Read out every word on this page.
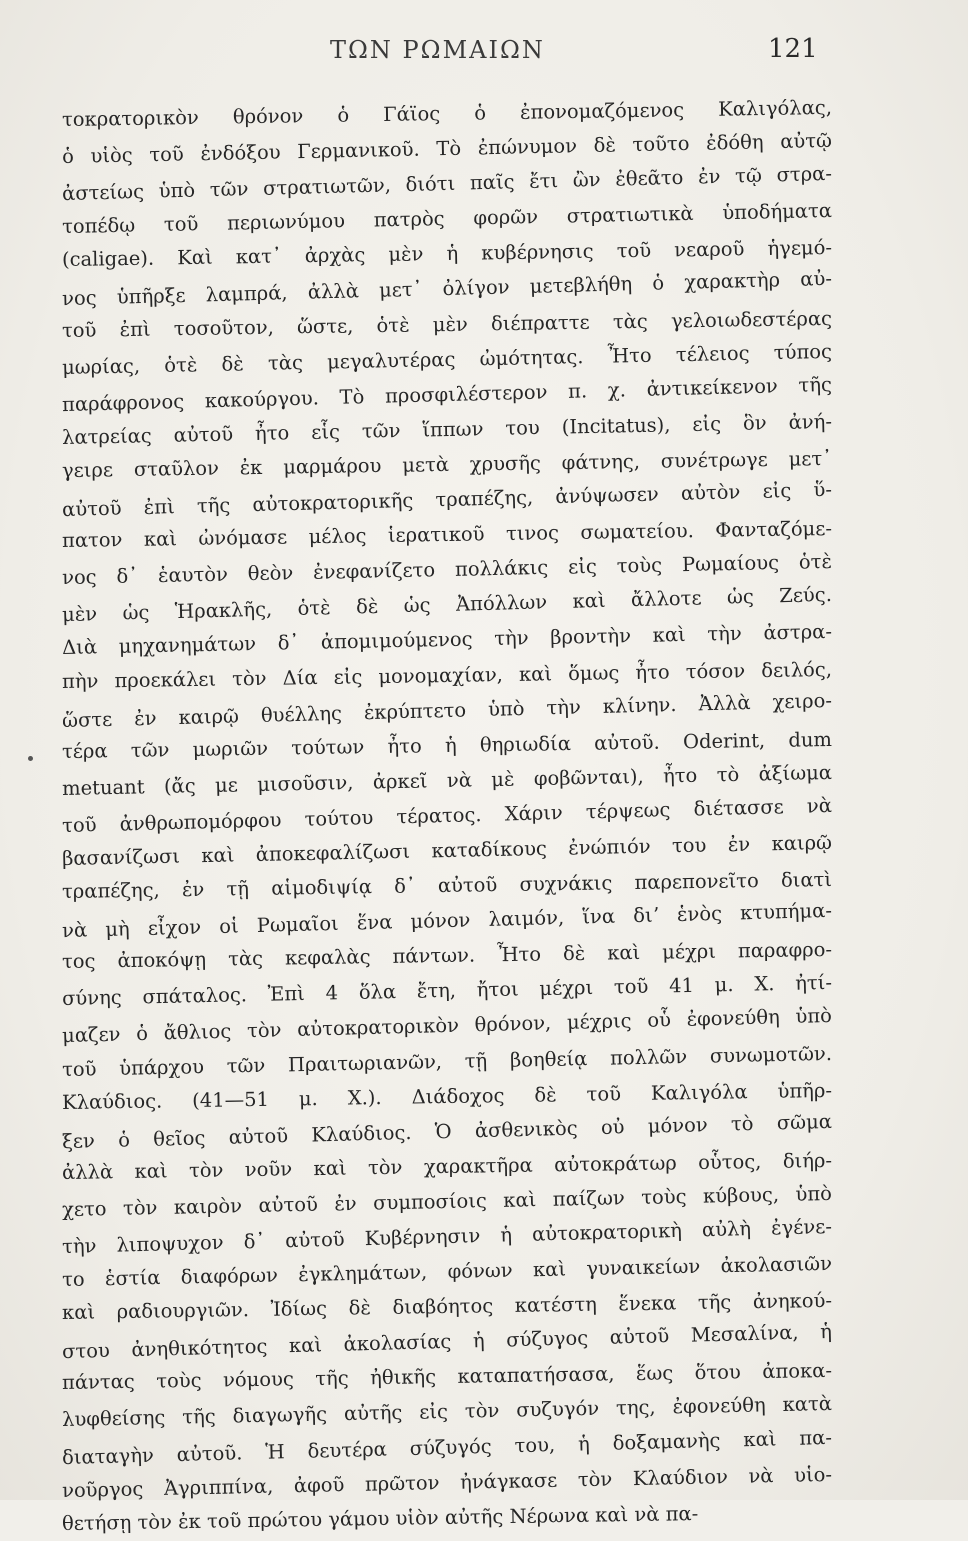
ΤΩΝ ΡΩΜΑΙΩΝ	121
τοκρατορικὸν θρόνον ὁ Γάϊος ὁ ἐπονομαζόμενος Καλιγόλας,
ὁ υἱὸς τοῦ ἐνδόξου Γερμανικοῦ. Τὸ ἐπώνυμον δὲ τοῦτο ἐδόθη αὐτῷ
ἀστείως ὑπὸ τῶν στρατιωτῶν, διότι παῖς ἔτι ὢν ἐθεᾶτο ἐν τῷ στρα-
τοπέδῳ τοῦ περιωνύμου πατρὸς φορῶν στρατιωτικὰ ὑποδήματα
(caligae). Καὶ κατ᾿ ἀρχὰς μὲν ἡ κυβέρνησις τοῦ νεαροῦ ἡγεμό-
νος ὑπῆρξε λαμπρά, ἀλλὰ μετ᾿ ὀλίγον μετεβλήθη ὁ χαρακτὴρ αὐ-
τοῦ ἐπὶ τοσοῦτον, ὥστε, ὁτὲ μὲν διέπραττε τὰς γελοιωδεστέρας
μωρίας, ὁτὲ δὲ τὰς μεγαλυτέρας ὠμότητας. Ἦτο τέλειος τύπος
παράφρονος κακούργου. Τὸ προσφιλέστερον π. χ. ἀντικείκενον τῆς
λατρείας αὐτοῦ ἦτο εἷς τῶν ἵππων του (Incitatus), εἰς ὃν ἀνή-
γειρε σταῦλον ἐκ μαρμάρου μετὰ χρυσῆς φάτνης, συνέτρωγε μετ᾿
αὐτοῦ ἐπὶ τῆς αὐτοκρατορικῆς τραπέζης, ἀνύψωσεν αὐτὸν εἰς ὕ-
πατον καὶ ὠνόμασε μέλος ἱερατικοῦ τινος σωματείου. Φανταζόμε-
νος δ᾿ ἑαυτὸν θεὸν ἐνεφανίζετο πολλάκις εἰς τοὺς Ρωμαίους ὁτὲ
μὲν ὡς Ἡρακλῆς, ὁτὲ δὲ ὡς Ἀπόλλων καὶ ἄλλοτε ὡς Ζεύς.
Διὰ μηχανημάτων δ᾿ ἀπομιμούμενος τὴν βροντὴν καὶ τὴν ἀστρα-
πὴν προεκάλει τὸν Δία εἰς μονομαχίαν, καὶ ὅμως ἦτο τόσον δειλός,
ὥστε ἐν καιρῷ θυέλλης ἐκρύπτετο ὑπὸ τὴν κλίνην. Ἀλλὰ χειρο-
τέρα τῶν μωριῶν τούτων ἦτο ἡ θηριωδία αὐτοῦ. Oderint, dum
metuant (ἄς με μισοῦσιν, ἀρκεῖ νὰ μὲ φοβῶνται), ἦτο τὸ ἀξίωμα
τοῦ ἀνθρωπομόρφου τούτου τέρατος. Χάριν τέρψεως διέτασσε νὰ
βασανίζωσι καὶ ἀποκεφαλίζωσι καταδίκους ἐνώπιόν του ἐν καιρῷ
τραπέζης, ἐν τῇ αἱμοδιψίᾳ δ᾿ αὐτοῦ συχνάκις παρεπονεῖτο διατὶ
νὰ μὴ εἶχον οἱ Ρωμαῖοι ἕνα μόνον λαιμόν, ἵνα διʼ ἑνὸς κτυπήμα-
τος ἀποκόψῃ τὰς κεφαλὰς πάντων. Ἦτο δὲ καὶ μέχρι παραφρο-
σύνης σπάταλος. Ἐπὶ 4 ὅλα ἔτη, ἤτοι μέχρι τοῦ 41 μ. Χ. ἠτί-
μαζεν ὁ ἄθλιος τὸν αὐτοκρατορικὸν θρόνον, μέχρις οὗ ἐφονεύθη ὑπὸ
τοῦ ὑπάρχου τῶν Πραιτωριανῶν, τῇ βοηθείᾳ πολλῶν συνωμοτῶν.
Κλαύδιος. (41—51 μ. Χ.). Διάδοχος δὲ τοῦ Καλιγόλα ὑπῆρ-
ξεν ὁ θεῖος αὐτοῦ Κλαύδιος. Ὁ ἀσθενικὸς οὐ μόνον τὸ σῶμα
ἀλλὰ καὶ τὸν νοῦν καὶ τὸν χαρακτῆρα αὐτοκράτωρ οὗτος, διήρ-
χετο τὸν καιρὸν αὐτοῦ ἐν συμποσίοις καὶ παίζων τοὺς κύβους, ὑπὸ
τὴν λιποψυχον δ᾿ αὐτοῦ Κυβέρνησιν ἡ αὐτοκρατορικὴ αὐλὴ ἐγένε-
το ἑστία διαφόρων ἐγκλημάτων, φόνων καὶ γυναικείων ἀκολασιῶν
καὶ ραδιουργιῶν. Ἰδίως δὲ διαβόητος κατέστη ἕνεκα τῆς ἀνηκού-
στου ἀνηθικότητος καὶ ἀκολασίας ἡ σύζυγος αὐτοῦ Μεσαλίνα, ἡ
πάντας τοὺς νόμους τῆς ἠθικῆς καταπατήσασα, ἕως ὅτου ἀποκα-
λυφθείσης τῆς διαγωγῆς αὐτῆς εἰς τὸν συζυγόν της, ἐφονεύθη κατὰ
διαταγὴν αὐτοῦ. Ἡ δευτέρα σύζυγός του, ἡ δοξαμανὴς καὶ πα-
νοῦργος Ἀγριππίνα, ἀφοῦ πρῶτον ἠνάγκασε τὸν Κλαύδιον νὰ υἱο-
θετήσῃ τὸν ἐκ τοῦ πρώτου γάμου υἱὸν αὐτῆς Νέρωνα καὶ νὰ πα-
